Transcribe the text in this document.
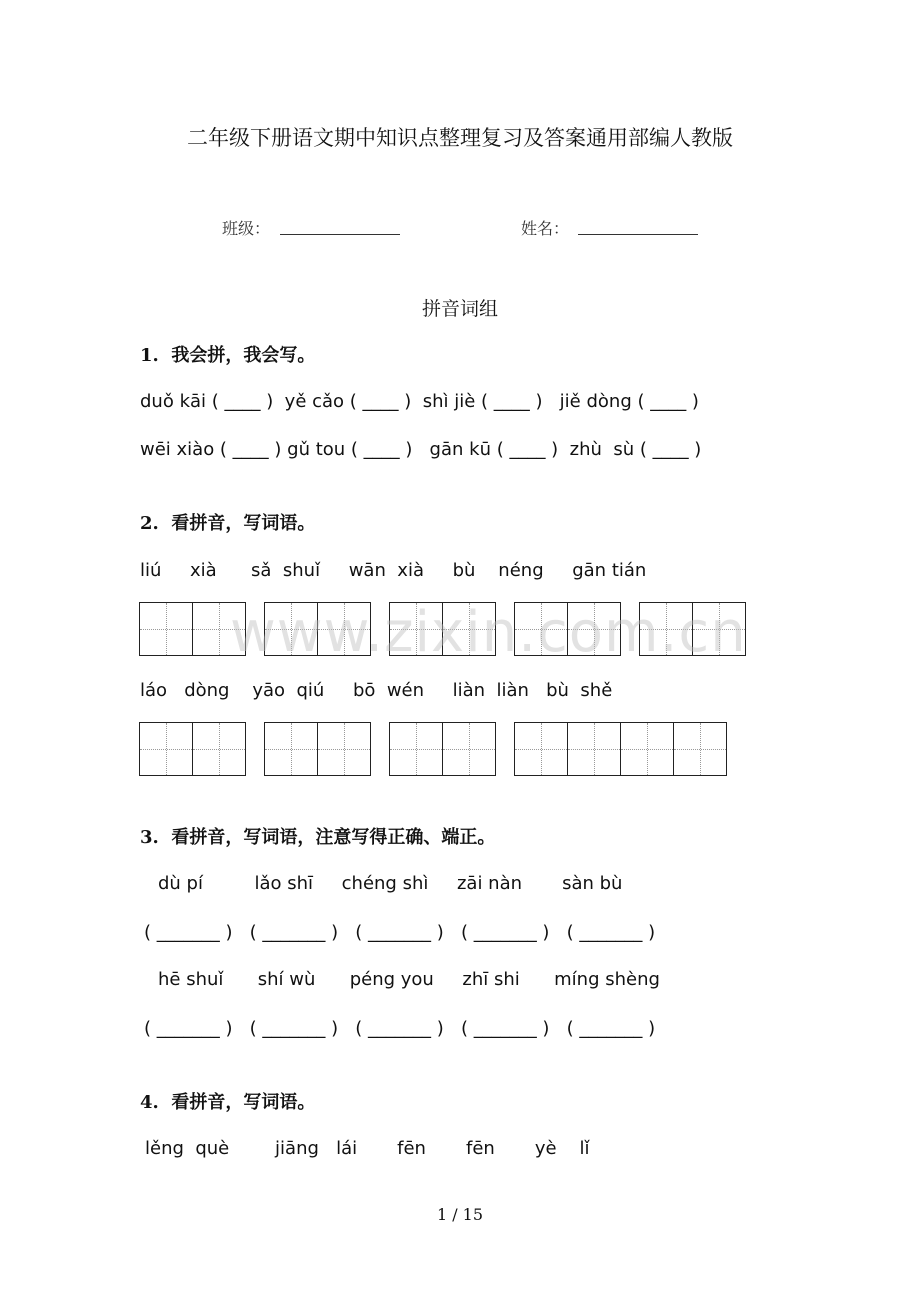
二年级下册语文期中知识点整理复习及答案通用部编人教版
班级：	姓名：
拼音词组
1.  我会拼，我会写。
duǒ kāi ( ____ )  yě cǎo ( ____ )  shì jiè ( ____ )   jiě dòng ( ____ )
wēi xiào ( ____ ) gǔ tou ( ____ )   gān kū ( ____ )  zhù  sù ( ____ )
2.  看拼音，写词语。
liú     xià      sǎ  shuǐ     wān  xià     bù    néng     gān tián
láo   dòng    yāo  qiú     bō  wén     liàn  liàn   bù  shě
www.zixin.com.cn
3.  看拼音，写词语，注意写得正确、端正。
dù pí         lǎo shī     chéng shì     zāi nàn       sàn bù
( _______ )   ( _______ )   ( _______ )   ( _______ )   ( _______ )
hē shuǐ      shí wù      péng you     zhī shi      míng shèng
( _______ )   ( _______ )   ( _______ )   ( _______ )   ( _______ )
4.  看拼音，写词语。
lěng  què        jiāng   lái       fēn       fēn       yè    lǐ
1 / 15
